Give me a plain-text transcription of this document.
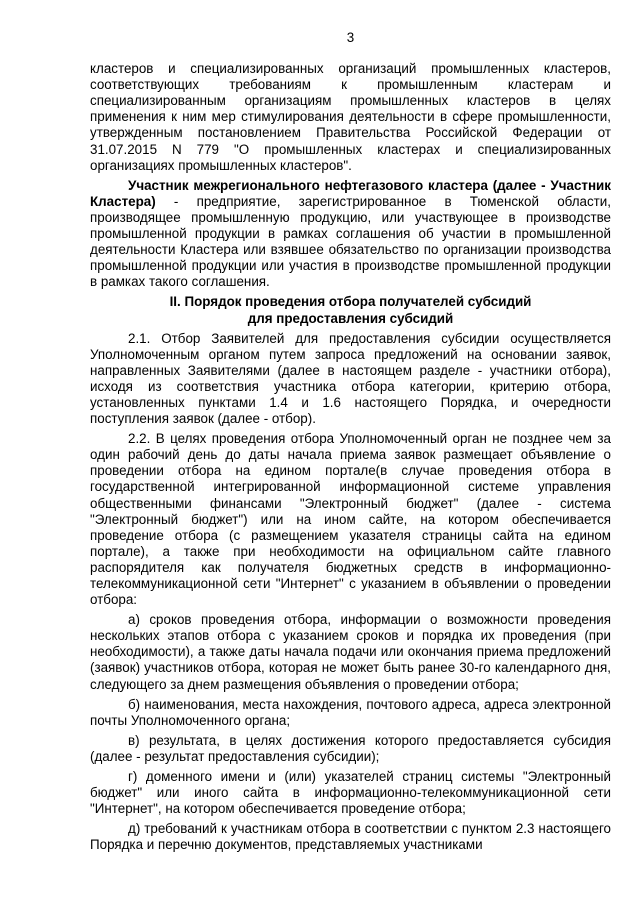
3

кластеров и специализированных организаций промышленных кластеров, соответствующих требованиям к промышленным кластерам и специализированным организациям промышленных кластеров в целях применения к ним мер стимулирования деятельности в сфере промышленности, утвержденным постановлением Правительства Российской Федерации от 31.07.2015 N 779 "О промышленных кластерах и специализированных организациях промышленных кластеров".

Участник межрегионального нефтегазового кластера (далее - Участник Кластера) - предприятие, зарегистрированное в Тюменской области, производящее промышленную продукцию, или участвующее в производстве промышленной продукции в рамках соглашения об участии в промышленной деятельности Кластера или взявшее обязательство по организации производства промышленной продукции или участия в производстве промышленной продукции в рамках такого соглашения.

II. Порядок проведения отбора получателей субсидий
для предоставления субсидий

2.1. Отбор Заявителей для предоставления субсидии осуществляется Уполномоченным органом путем запроса предложений на основании заявок, направленных Заявителями (далее в настоящем разделе - участники отбора), исходя из соответствия участника отбора категории, критерию отбора, установленных пунктами 1.4 и 1.6 настоящего Порядка, и очередности поступления заявок (далее - отбор).

2.2. В целях проведения отбора Уполномоченный орган не позднее чем за один рабочий день до даты начала приема заявок размещает объявление о проведении отбора на едином портале(в случае проведения отбора в государственной интегрированной информационной системе управления общественными финансами "Электронный бюджет" (далее - система "Электронный бюджет") или на ином сайте, на котором обеспечивается проведение отбора (с размещением указателя страницы сайта на едином портале), а также при необходимости на официальном сайте главного распорядителя как получателя бюджетных средств в информационно-телекоммуникационной сети "Интернет" с указанием в объявлении о проведении отбора:

а) сроков проведения отбора, информации о возможности проведения нескольких этапов отбора с указанием сроков и порядка их проведения (при необходимости), а также даты начала подачи или окончания приема предложений (заявок) участников отбора, которая не может быть ранее 30-го календарного дня, следующего за днем размещения объявления о проведении отбора;

б) наименования, места нахождения, почтового адреса, адреса электронной почты Уполномоченного органа;

в) результата, в целях достижения которого предоставляется субсидия (далее - результат предоставления субсидии);

г) доменного имени и (или) указателей страниц системы "Электронный бюджет" или иного сайта в информационно-телекоммуникационной сети "Интернет", на котором обеспечивается проведение отбора;

д) требований к участникам отбора в соответствии с пунктом 2.3 настоящего Порядка и перечню документов, представляемых участниками
